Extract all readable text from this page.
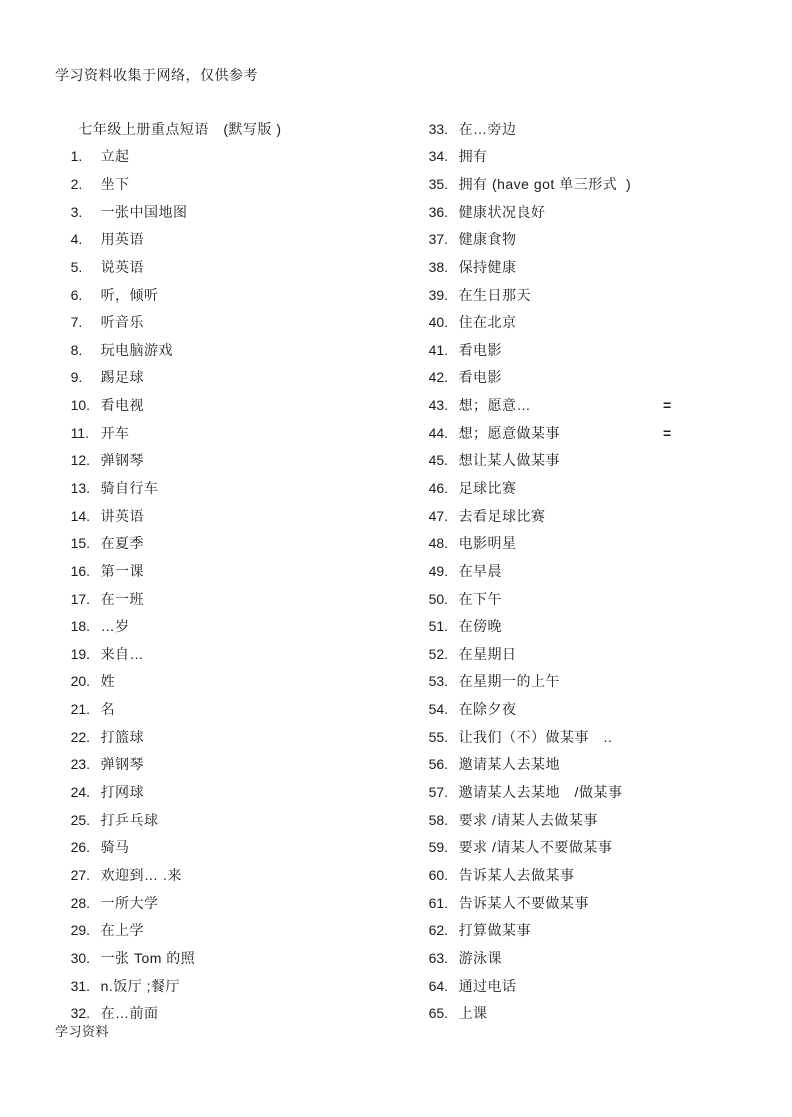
学习资料收集于网络，仅供参考

七年级上册重点短语　(默写版 )

1. 立起

2. 坐下

3. 一张中国地图

4. 用英语

5. 说英语

6. 听，倾听

7. 听音乐

8. 玩电脑游戏

9. 踢足球

10. 看电视

11. 开车

12. 弹钢琴

13. 骑自行车

14. 讲英语

15. 在夏季

16. 第一课

17. 在一班

18. …岁

19. 来自…

20. 姓

21. 名

22. 打篮球

23. 弹钢琴

24. 打网球

25. 打乒乓球

26. 骑马

27. 欢迎到… .来

28. 一所大学

29. 在上学

30. 一张 Tom 的照

31. n.饭厅 ;餐厅

32. 在…前面

33. 在…旁边

34. 拥有

35. 拥有 (have got 单三形式  )

36. 健康状况良好

37. 健康食物

38. 保持健康

39. 在生日那天

40. 住在北京

41. 看电影

42. 看电影

43. 想；愿意…

44. 想；愿意做某事

=

45. 想让某人做某事

=

46. 足球比赛

47. 去看足球比赛

48. 电影明星

49. 在早晨

50. 在下午

51. 在傍晚

52. 在星期日

53. 在星期一的上午

54. 在除夕夜

55. 让我们（不）做某事　..

56. 邀请某人去某地

57. 邀请某人去某地　/做某事

58. 要求 /请某人去做某事

59. 要求 /请某人不要做某事

60. 告诉某人去做某事

61. 告诉某人不要做某事

62. 打算做某事

63. 游泳课

64. 通过电话

65. 上课

学习资料
